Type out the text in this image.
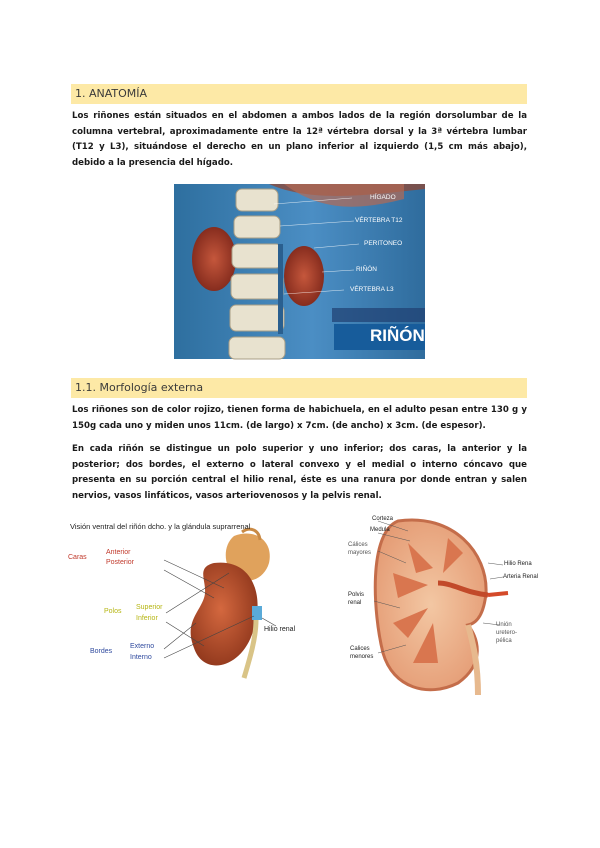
1. ANATOMÍA

Los riñones están situados en el abdomen a ambos lados de la región dorsolumbar de la columna vertebral, aproximadamente entre la 12ª vértebra dorsal y la 3ª vértebra lumbar (T12 y L3), situándose el derecho en un plano inferior al izquierdo (1,5 cm más abajo), debido a la presencia del hígado.

HÍGADO
VÉRTEBRA T12
PERITONEO
RIÑÓN
VÉRTEBRA L3
RIÑÓN
1.1. Morfología externa

Los riñones son de color rojizo, tienen forma de habichuela, en el adulto pesan entre 130 g y 150g cada uno y miden unos 11cm. (de largo) x 7cm. (de ancho) x 3cm. (de espesor).

En cada riñón se distingue un polo superior y uno inferior; dos caras, la anterior y la posterior; dos bordes, el externo o lateral convexo y el medial o interno cóncavo que presenta en su porción central el hilio renal, éste es una ranura por donde entran y salen nervios, vasos linfáticos, vasos arteriovenosos y la pelvis renal.

Visión ventral del riñón dcho. y la glándula suprarrenal
Caras
Anterior
Posterior
Polos
Superior
Inferior
Bordes
Externo
Interno
Hilio renal
Corteza
Medula
Cálices mayores
Polvis renal
Calices menores
Hilio Rena
Arteria Renal
Unión uretero-pélica
